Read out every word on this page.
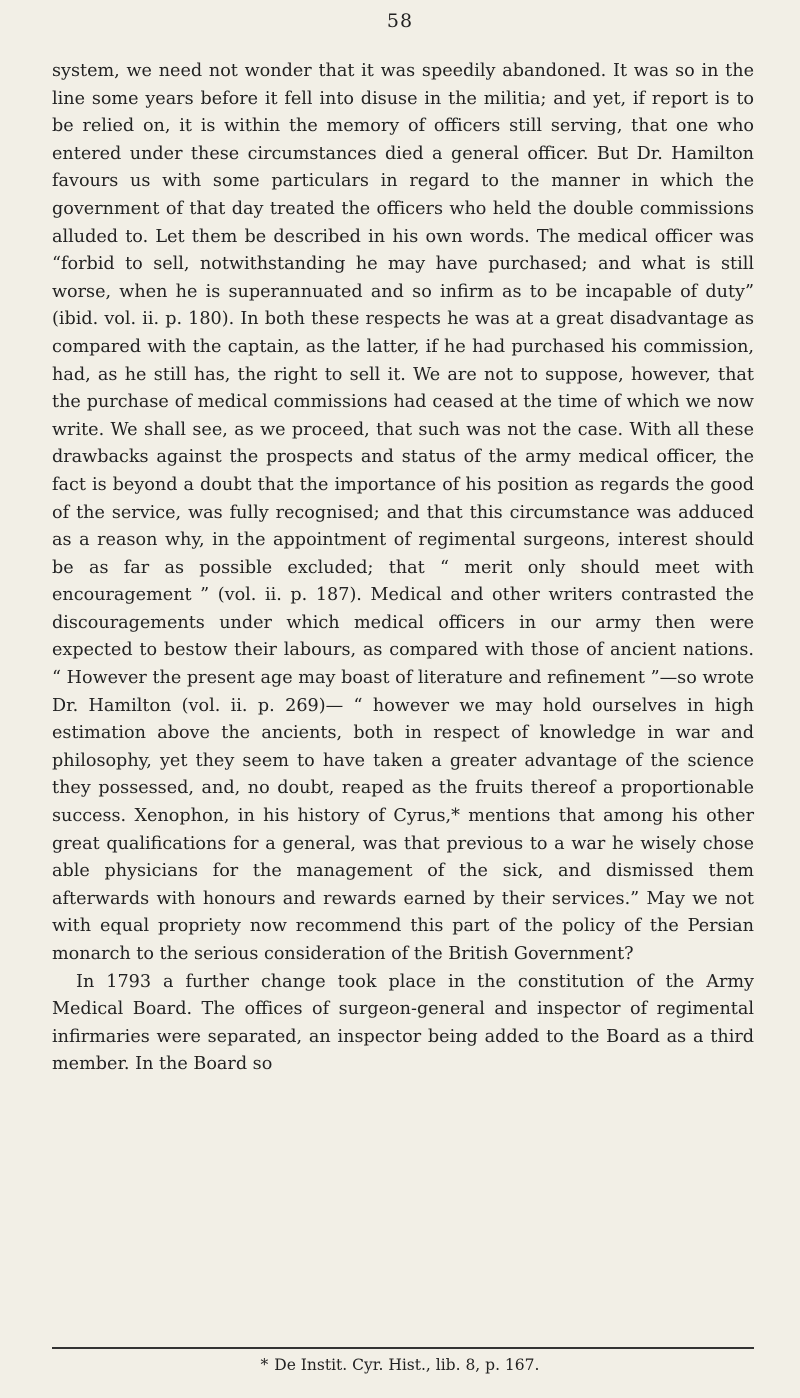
58

system, we need not wonder that it was speedily abandoned. It was so in the line some years before it fell into disuse in the militia; and yet, if report is to be relied on, it is within the memory of officers still serving, that one who entered under these circumstances died a general officer. But Dr. Hamilton favours us with some particulars in regard to the manner in which the government of that day treated the officers who held the double commissions alluded to. Let them be described in his own words. The medical officer was “forbid to sell, notwithstanding he may have purchased; and what is still worse, when he is superannuated and so infirm as to be incapable of duty” (ibid. vol. ii. p. 180). In both these respects he was at a great disadvantage as compared with the captain, as the latter, if he had purchased his commission, had, as he still has, the right to sell it. We are not to suppose, however, that the purchase of medical commissions had ceased at the time of which we now write. We shall see, as we proceed, that such was not the case. With all these drawbacks against the prospects and status of the army medical officer, the fact is beyond a doubt that the importance of his position as regards the good of the service, was fully recognised; and that this circumstance was adduced as a reason why, in the appointment of regimental surgeons, interest should be as far as possible excluded; that “ merit only should meet with encouragement ” (vol. ii. p. 187). Medical and other writers contrasted the discouragements under which medical officers in our army then were expected to bestow their labours, as compared with those of ancient nations. “ However the present age may boast of literature and refinement ”—so wrote Dr. Hamilton (vol. ii. p. 269)— “ however we may hold ourselves in high estimation above the ancients, both in respect of knowledge in war and philosophy, yet they seem to have taken a greater advantage of the science they possessed, and, no doubt, reaped as the fruits thereof a proportionable success. Xenophon, in his history of Cyrus,* mentions that among his other great qualifications for a general, was that previous to a war he wisely chose able physicians for the management of the sick, and dismissed them afterwards with honours and rewards earned by their services.” May we not with equal propriety now recommend this part of the policy of the Persian monarch to the serious consideration of the British Government?

In 1793 a further change took place in the constitution of the Army Medical Board. The offices of surgeon-general and inspector of regimental infirmaries were separated, an inspector being added to the Board as a third member. In the Board so

* De Instit. Cyr. Hist., lib. 8, p. 167.
